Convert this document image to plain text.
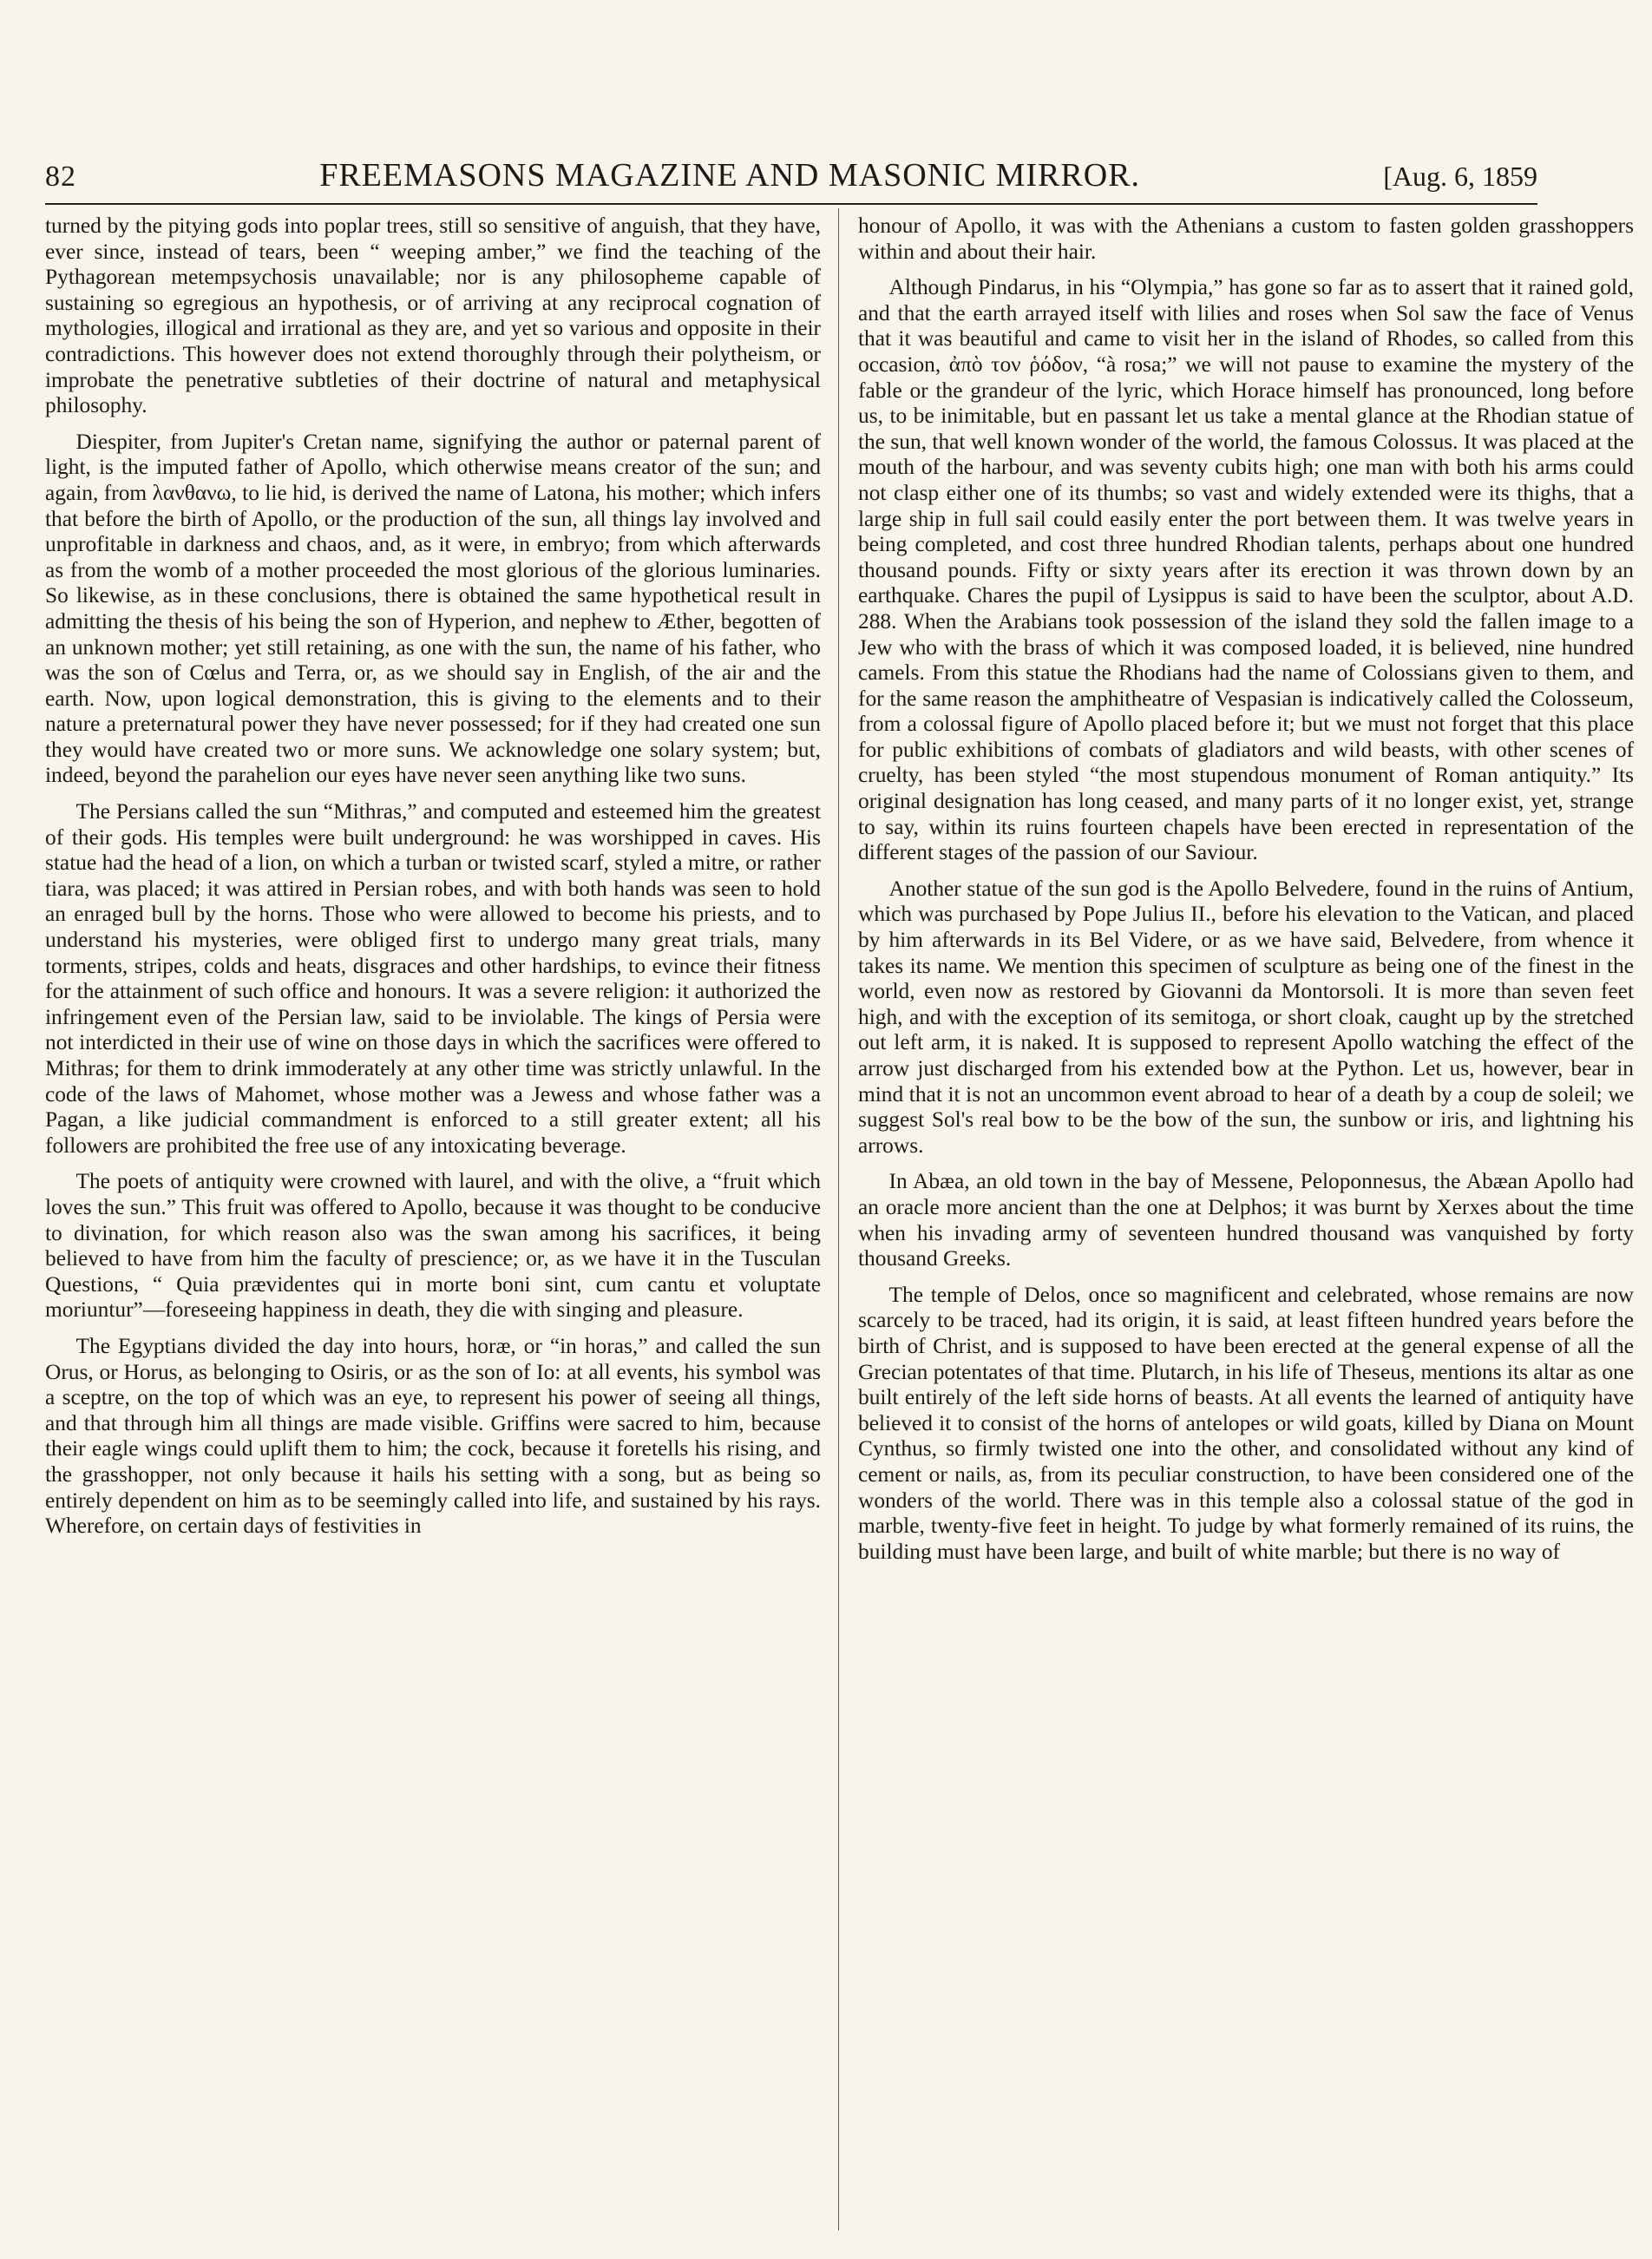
82	FREEMASONS MAGAZINE AND MASONIC MIRROR.	[Aug. 6, 1859

turned by the pitying gods into poplar trees, still so sensitive of anguish, that they have, ever since, instead of tears, been “ weeping amber,” we find the teaching of the Pythagorean metempsychosis unavailable; nor is any philosopheme capable of sustaining so egregious an hypothesis, or of arriving at any reciprocal cognation of mythologies, illogical and irrational as they are, and yet so various and opposite in their contradictions. This however does not extend thoroughly through their polytheism, or improbate the penetrative subtleties of their doctrine of natural and metaphysical philosophy.

Diespiter, from Jupiter's Cretan name, signifying the author or paternal parent of light, is the imputed father of Apollo, which otherwise means creator of the sun; and again, from λανθανω, to lie hid, is derived the name of Latona, his mother; which infers that before the birth of Apollo, or the production of the sun, all things lay involved and unprofitable in darkness and chaos, and, as it were, in embryo; from which afterwards as from the womb of a mother proceeded the most glorious of the glorious luminaries. So likewise, as in these conclusions, there is obtained the same hypothetical result in admitting the thesis of his being the son of Hyperion, and nephew to Æther, begotten of an unknown mother; yet still retaining, as one with the sun, the name of his father, who was the son of Cœlus and Terra, or, as we should say in English, of the air and the earth. Now, upon logical demonstration, this is giving to the elements and to their nature a preternatural power they have never possessed; for if they had created one sun they would have created two or more suns. We acknowledge one solary system; but, indeed, beyond the parahelion our eyes have never seen anything like two suns.

The Persians called the sun “Mithras,” and computed and esteemed him the greatest of their gods. His temples were built underground: he was worshipped in caves. His statue had the head of a lion, on which a turban or twisted scarf, styled a mitre, or rather tiara, was placed; it was attired in Persian robes, and with both hands was seen to hold an enraged bull by the horns. Those who were allowed to become his priests, and to understand his mysteries, were obliged first to undergo many great trials, many torments, stripes, colds and heats, disgraces and other hardships, to evince their fitness for the attainment of such office and honours. It was a severe religion: it authorized the infringement even of the Persian law, said to be inviolable. The kings of Persia were not interdicted in their use of wine on those days in which the sacrifices were offered to Mithras; for them to drink immoderately at any other time was strictly unlawful. In the code of the laws of Mahomet, whose mother was a Jewess and whose father was a Pagan, a like judicial commandment is enforced to a still greater extent; all his followers are prohibited the free use of any intoxicating beverage.

The poets of antiquity were crowned with laurel, and with the olive, a “fruit which loves the sun.” This fruit was offered to Apollo, because it was thought to be conducive to divination, for which reason also was the swan among his sacrifices, it being believed to have from him the faculty of prescience; or, as we have it in the Tusculan Questions, “ Quia prævidentes qui in morte boni sint, cum cantu et voluptate moriuntur”—foreseeing happiness in death, they die with singing and pleasure.

The Egyptians divided the day into hours, horæ, or “in horas,” and called the sun Orus, or Horus, as belonging to Osiris, or as the son of Io: at all events, his symbol was a sceptre, on the top of which was an eye, to represent his power of seeing all things, and that through him all things are made visible. Griffins were sacred to him, because their eagle wings could uplift them to him; the cock, because it foretells his rising, and the grasshopper, not only because it hails his setting with a song, but as being so entirely dependent on him as to be seemingly called into life, and sustained by his rays. Wherefore, on certain days of festivities in

honour of Apollo, it was with the Athenians a custom to fasten golden grasshoppers within and about their hair.

Although Pindarus, in his “Olympia,” has gone so far as to assert that it rained gold, and that the earth arrayed itself with lilies and roses when Sol saw the face of Venus that it was beautiful and came to visit her in the island of Rhodes, so called from this occasion, ἀπὸ τον ῥόδον, “à rosa;” we will not pause to examine the mystery of the fable or the grandeur of the lyric, which Horace himself has pronounced, long before us, to be inimitable, but en passant let us take a mental glance at the Rhodian statue of the sun, that well known wonder of the world, the famous Colossus. It was placed at the mouth of the harbour, and was seventy cubits high; one man with both his arms could not clasp either one of its thumbs; so vast and widely extended were its thighs, that a large ship in full sail could easily enter the port between them. It was twelve years in being completed, and cost three hundred Rhodian talents, perhaps about one hundred thousand pounds. Fifty or sixty years after its erection it was thrown down by an earthquake. Chares the pupil of Lysippus is said to have been the sculptor, about A.D. 288. When the Arabians took possession of the island they sold the fallen image to a Jew who with the brass of which it was composed loaded, it is believed, nine hundred camels. From this statue the Rhodians had the name of Colossians given to them, and for the same reason the amphitheatre of Vespasian is indicatively called the Colosseum, from a colossal figure of Apollo placed before it; but we must not forget that this place for public exhibitions of combats of gladiators and wild beasts, with other scenes of cruelty, has been styled “the most stupendous monument of Roman antiquity.” Its original designation has long ceased, and many parts of it no longer exist, yet, strange to say, within its ruins fourteen chapels have been erected in representation of the different stages of the passion of our Saviour.

Another statue of the sun god is the Apollo Belvedere, found in the ruins of Antium, which was purchased by Pope Julius II., before his elevation to the Vatican, and placed by him afterwards in its Bel Videre, or as we have said, Belvedere, from whence it takes its name. We mention this specimen of sculpture as being one of the finest in the world, even now as restored by Giovanni da Montorsoli. It is more than seven feet high, and with the exception of its semitoga, or short cloak, caught up by the stretched out left arm, it is naked. It is supposed to represent Apollo watching the effect of the arrow just discharged from his extended bow at the Python. Let us, however, bear in mind that it is not an uncommon event abroad to hear of a death by a coup de soleil; we suggest Sol's real bow to be the bow of the sun, the sunbow or iris, and lightning his arrows.

In Abæa, an old town in the bay of Messene, Peloponnesus, the Abæan Apollo had an oracle more ancient than the one at Delphos; it was burnt by Xerxes about the time when his invading army of seventeen hundred thousand was vanquished by forty thousand Greeks.

The temple of Delos, once so magnificent and celebrated, whose remains are now scarcely to be traced, had its origin, it is said, at least fifteen hundred years before the birth of Christ, and is supposed to have been erected at the general expense of all the Grecian potentates of that time. Plutarch, in his life of Theseus, mentions its altar as one built entirely of the left side horns of beasts. At all events the learned of antiquity have believed it to consist of the horns of antelopes or wild goats, killed by Diana on Mount Cynthus, so firmly twisted one into the other, and consolidated without any kind of cement or nails, as, from its peculiar construction, to have been considered one of the wonders of the world. There was in this temple also a colossal statue of the god in marble, twenty-five feet in height. To judge by what formerly remained of its ruins, the building must have been large, and built of white marble; but there is no way of
